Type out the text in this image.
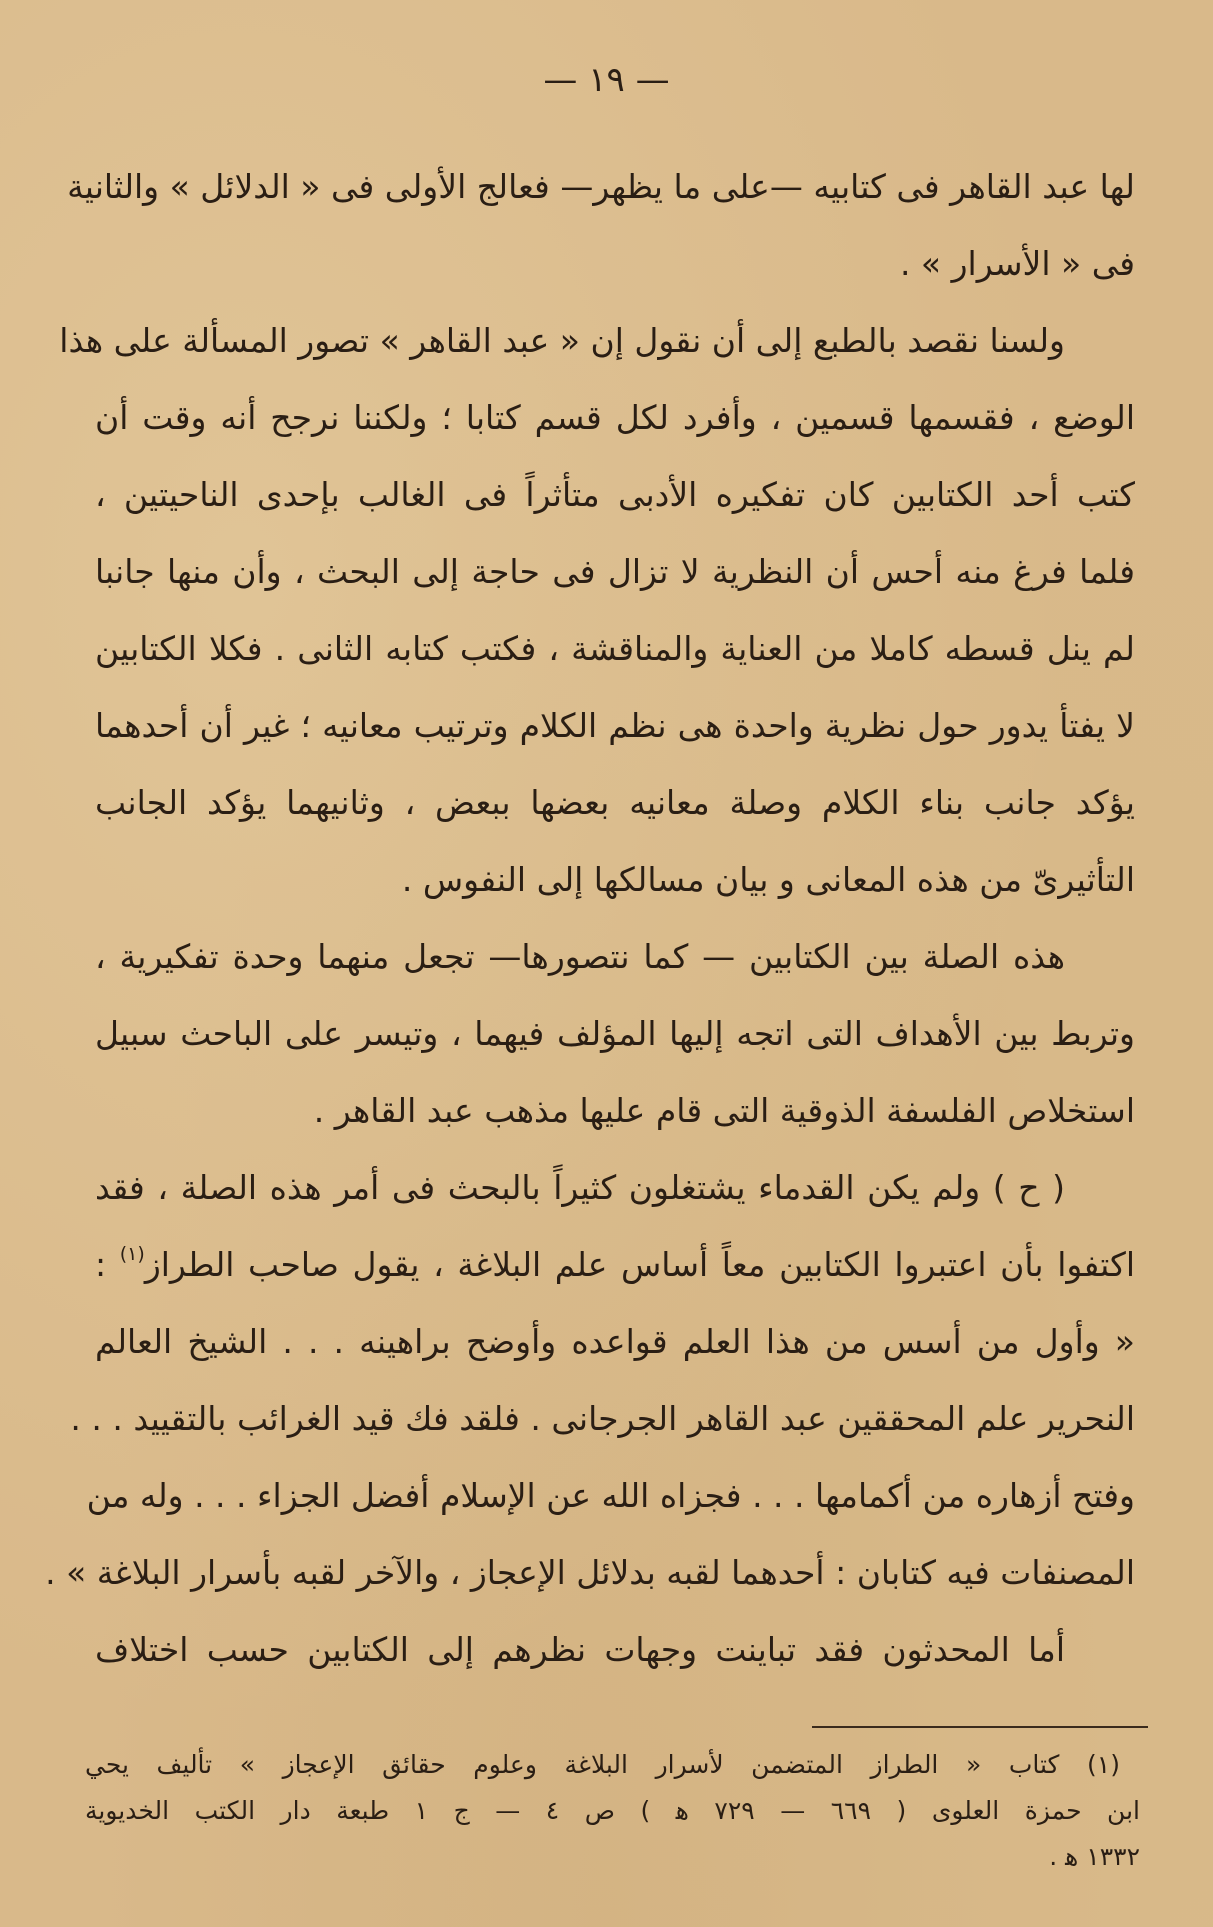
— ١٩ —
لها عبد القاهر فى كتابيه —على ما يظهر— فعالج الأولى فى « الدلائل » والثانية
فى « الأسرار » .
ولسنا نقصد بالطبع إلى أن نقول إن « عبد القاهر » تصور المسألة على هذا
الوضع ، فقسمها قسمين ، وأفرد لكل قسم كتابا ؛ ولكننا نرجح أنه وقت أن
كتب أحد الكتابين كان تفكيره الأدبى متأثراً فى الغالب بإحدى الناحيتين ،
فلما فرغ منه أحس أن النظرية لا تزال فى حاجة إلى البحث ، وأن منها جانبا
لم ينل قسطه كاملا من العناية والمناقشة ، فكتب كتابه الثانى . فكلا الكتابين
لا يفتأ يدور حول نظرية واحدة هى نظم الكلام وترتيب معانيه ؛ غير أن أحدهما
يؤكد جانب بناء الكلام وصلة معانيه بعضها ببعض ، وثانيهما يؤكد الجانب
التأثيرىّ من هذه المعانى و بيان مسالكها إلى النفوس .
هذه الصلة بين الكتابين — كما نتصورها— تجعل منهما وحدة تفكيرية ،
وتربط بين الأهداف التى اتجه إليها المؤلف فيهما ، وتيسر على الباحث سبيل
استخلاص الفلسفة الذوقية التى قام عليها مذهب عبد القاهر .
( ح ) ولم يكن القدماء يشتغلون كثيراً بالبحث فى أمر هذه الصلة ، فقد
اكتفوا بأن اعتبروا الكتابين معاً أساس علم البلاغة ، يقول صاحب الطراز$^{(١)}$ :
« وأول من أسس من هذا العلم قواعده وأوضح براهينه . . . الشيخ العالم
النحرير علم المحققين عبد القاهر الجرجانى . فلقد فك قيد الغرائب بالتقييد . . .
وفتح أزهاره من أكمامها . . . فجزاه الله عن الإسلام أفضل الجزاء . . . وله من
المصنفات فيه كتابان : أحدهما لقبه بدلائل الإعجاز ، والآخر لقبه بأسرار البلاغة » .
أما المحدثون فقد تباينت وجهات نظرهم إلى الكتابين حسب اختلاف
(١) كتاب « الطراز المتضمن لأسرار البلاغة وعلوم حقائق الإعجاز » تأليف يحي
ابن حمزة العلوى ( ٦٦٩ — ٧٢٩ ﻫ ) ص ٤ — ج ١ طبعة دار الكتب الخديوية
١٣٣٢ ﻫ .
